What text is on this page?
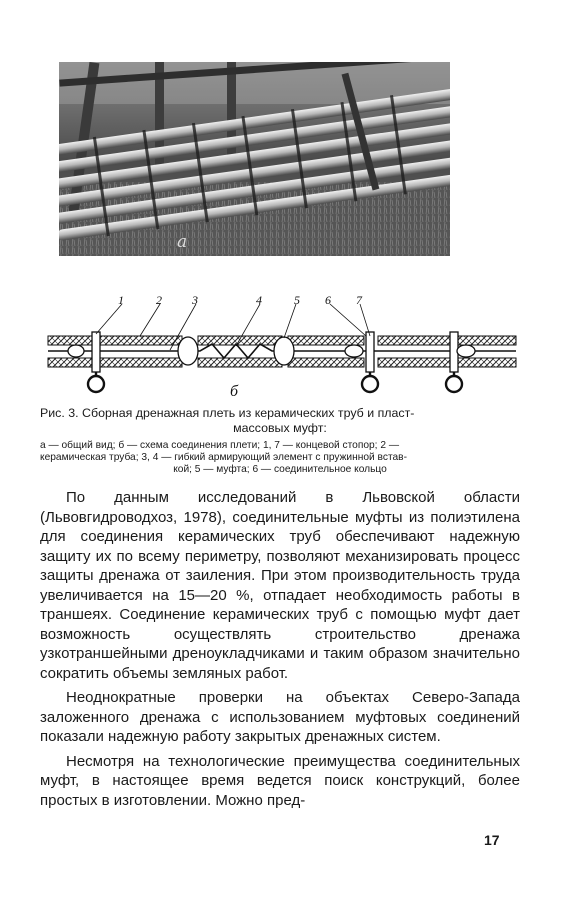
а
1	2	3	4	5 6 7
б
Рис. 3. Сборная дренажная плеть из керамических труб и пласт-
массовых муфт:
а — общий вид; б — схема соединения плети; 1, 7 — концевой стопор; 2 —
керамическая труба; 3, 4 — гибкий армирующий элемент с пружинной встав-
кой; 5 — муфта; 6 — соединительное кольцо

По данным исследований в Львовской области (Львовгидроводхоз, 1978), соединительные муфты из полиэтилена для соединения керамических труб обеспечивают надежную защиту их по всему периметру, позволяют механизировать процесс защиты дренажа от заиления. При этом производительность труда увеличивается на 15—20 %, отпадает необходимость работы в траншеях. Соединение керамических труб с помощью муфт дает возможность осуществлять строительство дренажа узкотраншейными дреноукладчиками и таким образом значительно сократить объемы земляных работ.

Неоднократные проверки на объектах Северо-Запада заложенного дренажа с использованием муфтовых соединений показали надежную работу закрытых дренажных систем.

Несмотря на технологические преимущества соединительных муфт, в настоящее время ведется поиск конструкций, более простых в изготовлении. Можно пред-

17
